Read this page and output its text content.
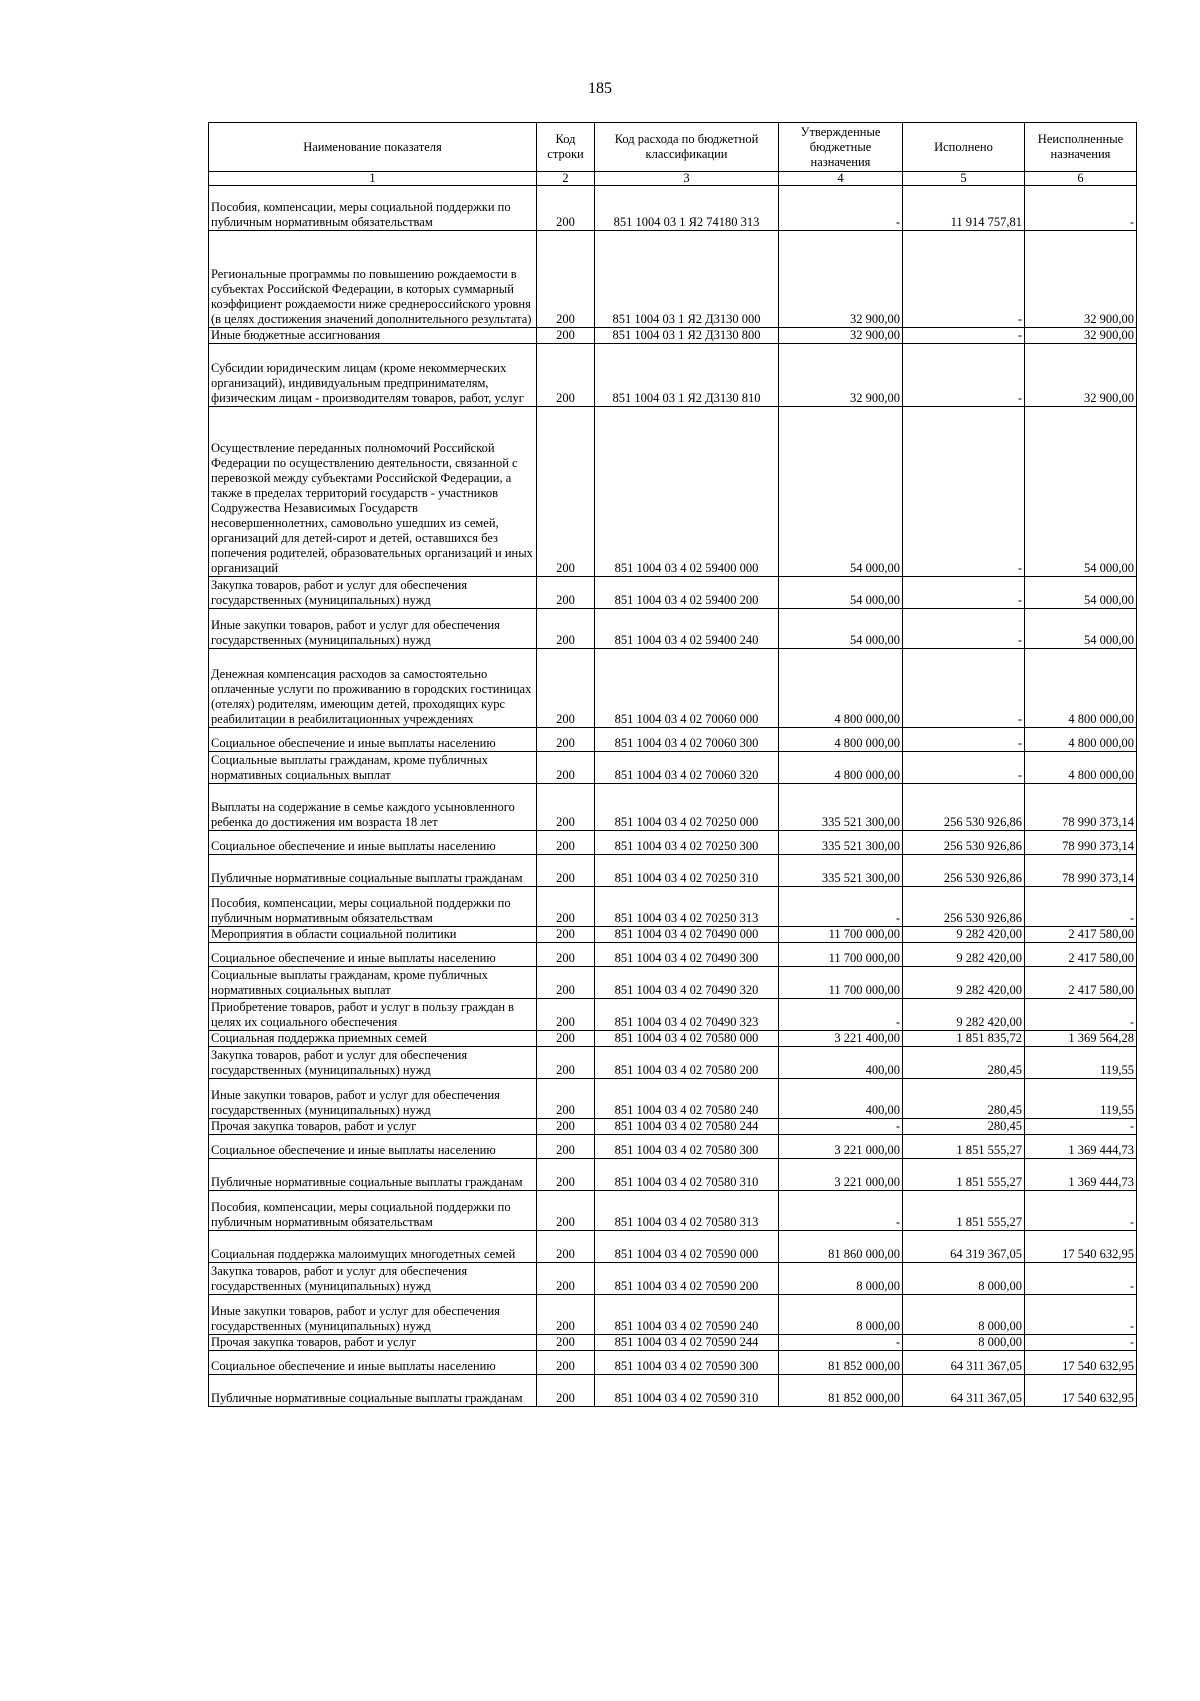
185
Наименование показателя	Код строки	Код расхода по бюджетной классификации	Утвержденные бюджетные назначения	Исполнено	Неисполненные назначения
1	2	3	4	5	6
Пособия, компенсации, меры социальной поддержки по публичным нормативным обязательствам	200	851 1004 03 1 Я2 74180 313	-	11 914 757,81	-
Региональные программы по повышению рождаемости в субъектах Российской Федерации, в которых суммарный коэффициент рождаемости ниже среднероссийского уровня (в целях достижения значений дополнительного результата)	200	851 1004 03 1 Я2 Д3130 000	32 900,00	-	32 900,00
Иные бюджетные ассигнования	200	851 1004 03 1 Я2 Д3130 800	32 900,00	-	32 900,00
Субсидии юридическим лицам (кроме некоммерческих организаций), индивидуальным предпринимателям, физическим лицам - производителям товаров, работ, услуг	200	851 1004 03 1 Я2 Д3130 810	32 900,00	-	32 900,00
Осуществление переданных полномочий Российской Федерации по осуществлению деятельности, связанной с перевозкой между субъектами Российской Федерации, а также в пределах территорий государств - участников Содружества Независимых Государств несовершеннолетних, самовольно ушедших из семей, организаций для детей-сирот и детей, оставшихся без попечения родителей, образовательных организаций и иных организаций	200	851 1004 03 4 02 59400 000	54 000,00	-	54 000,00
Закупка товаров, работ и услуг для обеспечения государственных (муниципальных) нужд	200	851 1004 03 4 02 59400 200	54 000,00	-	54 000,00
Иные закупки товаров, работ и услуг для обеспечения государственных (муниципальных) нужд	200	851 1004 03 4 02 59400 240	54 000,00	-	54 000,00
Денежная компенсация расходов за самостоятельно оплаченные услуги по проживанию в городских гостиницах (отелях) родителям, имеющим детей, проходящих курс реабилитации в реабилитационных учреждениях	200	851 1004 03 4 02 70060 000	4 800 000,00	-	4 800 000,00
Социальное обеспечение и иные выплаты населению	200	851 1004 03 4 02 70060 300	4 800 000,00	-	4 800 000,00
Социальные выплаты гражданам, кроме публичных нормативных социальных выплат	200	851 1004 03 4 02 70060 320	4 800 000,00	-	4 800 000,00
Выплаты на содержание в семье каждого усыновленного ребенка до достижения им возраста 18 лет	200	851 1004 03 4 02 70250 000	335 521 300,00	256 530 926,86	78 990 373,14
Социальное обеспечение и иные выплаты населению	200	851 1004 03 4 02 70250 300	335 521 300,00	256 530 926,86	78 990 373,14
Публичные нормативные социальные выплаты гражданам	200	851 1004 03 4 02 70250 310	335 521 300,00	256 530 926,86	78 990 373,14
Пособия, компенсации, меры социальной поддержки по публичным нормативным обязательствам	200	851 1004 03 4 02 70250 313	-	256 530 926,86	-
Мероприятия в области социальной политики	200	851 1004 03 4 02 70490 000	11 700 000,00	9 282 420,00	2 417 580,00
Социальное обеспечение и иные выплаты населению	200	851 1004 03 4 02 70490 300	11 700 000,00	9 282 420,00	2 417 580,00
Социальные выплаты гражданам, кроме публичных нормативных социальных выплат	200	851 1004 03 4 02 70490 320	11 700 000,00	9 282 420,00	2 417 580,00
Приобретение товаров, работ и услуг в пользу граждан в целях их социального обеспечения	200	851 1004 03 4 02 70490 323	-	9 282 420,00	-
Социальная поддержка приемных семей	200	851 1004 03 4 02 70580 000	3 221 400,00	1 851 835,72	1 369 564,28
Закупка товаров, работ и услуг для обеспечения государственных (муниципальных) нужд	200	851 1004 03 4 02 70580 200	400,00	280,45	119,55
Иные закупки товаров, работ и услуг для обеспечения государственных (муниципальных) нужд	200	851 1004 03 4 02 70580 240	400,00	280,45	119,55
Прочая закупка товаров, работ и услуг	200	851 1004 03 4 02 70580 244	-	280,45	-
Социальное обеспечение и иные выплаты населению	200	851 1004 03 4 02 70580 300	3 221 000,00	1 851 555,27	1 369 444,73
Публичные нормативные социальные выплаты гражданам	200	851 1004 03 4 02 70580 310	3 221 000,00	1 851 555,27	1 369 444,73
Пособия, компенсации, меры социальной поддержки по публичным нормативным обязательствам	200	851 1004 03 4 02 70580 313	-	1 851 555,27	-
Социальная поддержка малоимущих многодетных семей	200	851 1004 03 4 02 70590 000	81 860 000,00	64 319 367,05	17 540 632,95
Закупка товаров, работ и услуг для обеспечения государственных (муниципальных) нужд	200	851 1004 03 4 02 70590 200	8 000,00	8 000,00	-
Иные закупки товаров, работ и услуг для обеспечения государственных (муниципальных) нужд	200	851 1004 03 4 02 70590 240	8 000,00	8 000,00	-
Прочая закупка товаров, работ и услуг	200	851 1004 03 4 02 70590 244	-	8 000,00	-
Социальное обеспечение и иные выплаты населению	200	851 1004 03 4 02 70590 300	81 852 000,00	64 311 367,05	17 540 632,95
Публичные нормативные социальные выплаты гражданам	200	851 1004 03 4 02 70590 310	81 852 000,00	64 311 367,05	17 540 632,95
